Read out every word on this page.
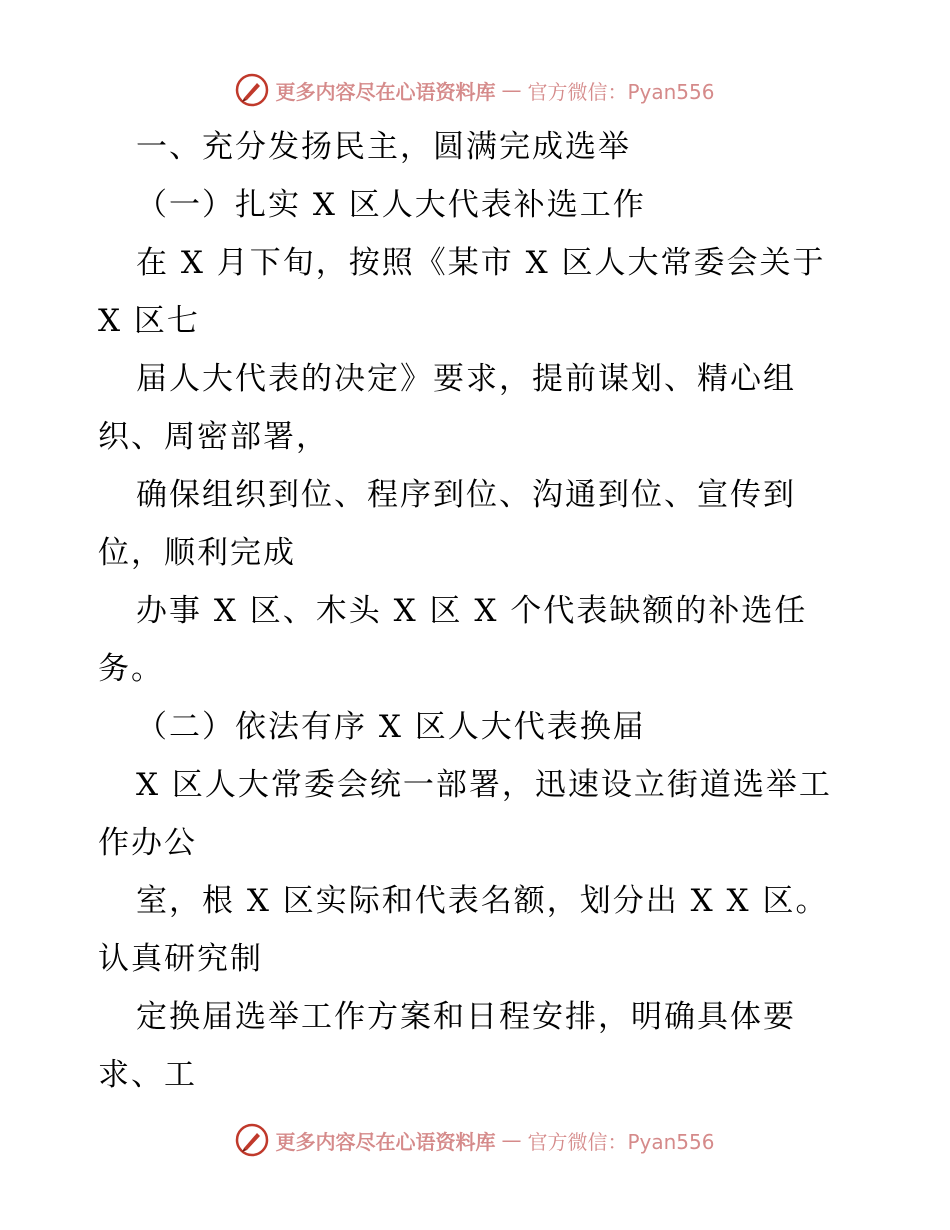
更多内容尽在心语资料库 — 官方微信：Pyan556
一、充分发扬民主，圆满完成选举
（一）扎实 X 区人大代表补选工作
在 X 月下旬，按照《某市 X 区人大常委会关于
X 区七
届人大代表的决定》要求，提前谋划、精心组
织、周密部署，
确保组织到位、程序到位、沟通到位、宣传到
位，顺利完成
办事 X 区、木头 X 区 X 个代表缺额的补选任
务。
（二）依法有序 X 区人大代表换届
X 区人大常委会统一部署，迅速设立街道选举工
作办公
室，根 X 区实际和代表名额，划分出 X X 区。
认真研究制
定换届选举工作方案和日程安排，明确具体要
求、工
更多内容尽在心语资料库 — 官方微信：Pyan556
